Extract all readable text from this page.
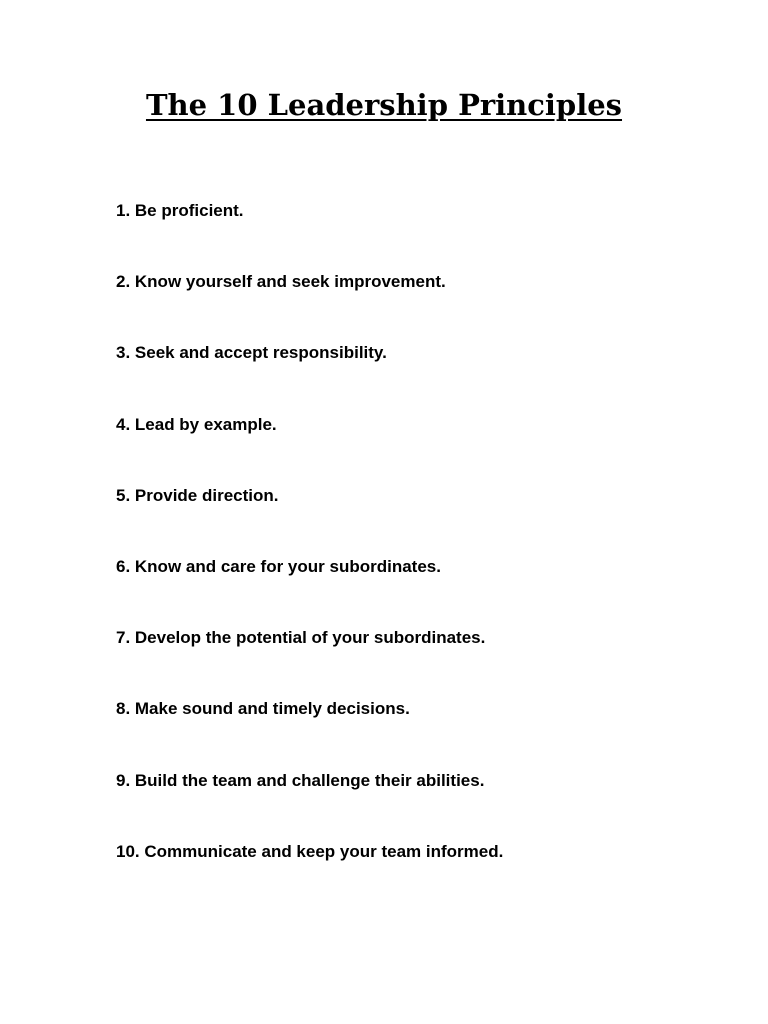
The 10 Leadership Principles
1. Be proficient.
2. Know yourself and seek improvement.
3. Seek and accept responsibility.
4. Lead by example.
5. Provide direction.
6. Know and care for your subordinates.
7. Develop the potential of your subordinates.
8. Make sound and timely decisions.
9. Build the team and challenge their abilities.
10. Communicate and keep your team informed.
